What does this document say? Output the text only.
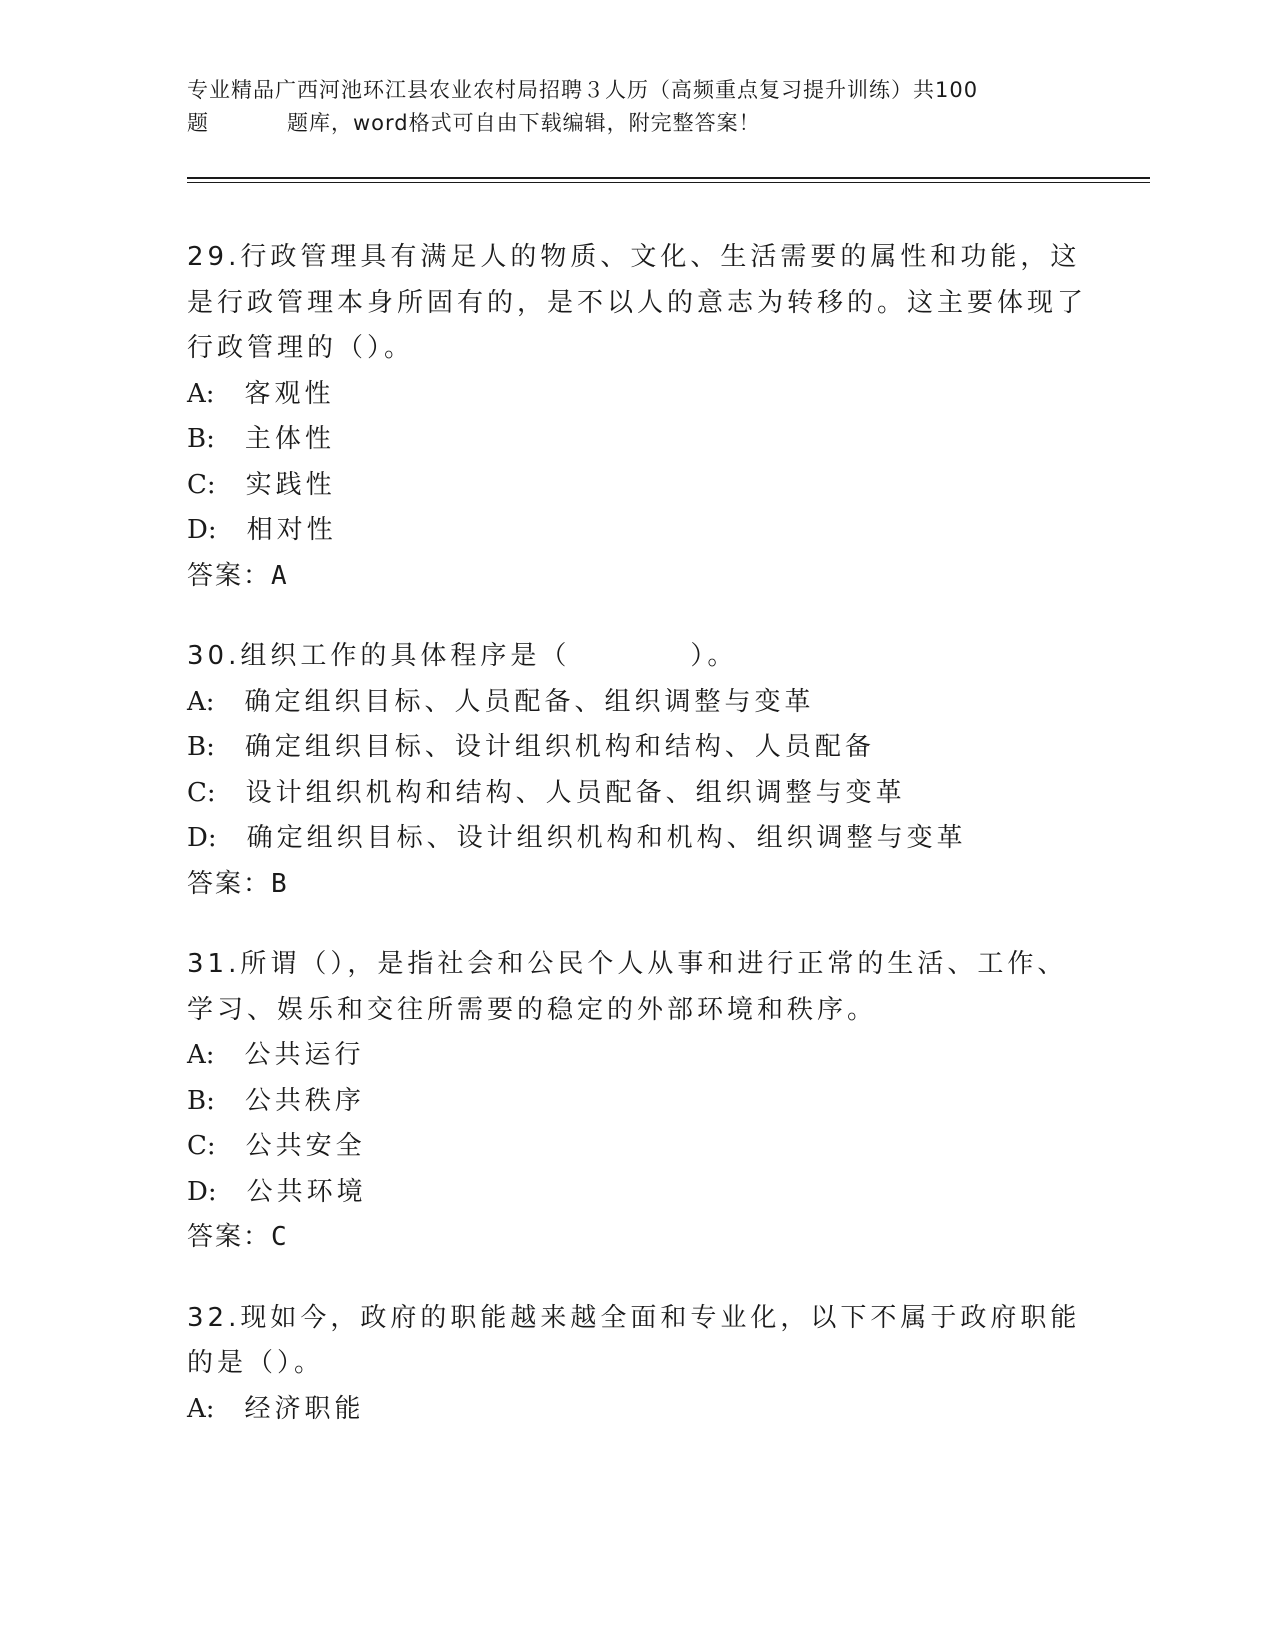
专业精品广西河池环江县农业农村局招聘３人历（高频重点复习提升训练）共100
题	题库，word格式可自由下载编辑，附完整答案！

29.行政管理具有满足人的物质、文化、生活需要的属性和功能，这是行政管理本身所固有的，是不以人的意志为转移的。这主要体现了行政管理的（）。

A: 客观性

B: 主体性

C: 实践性

D: 相对性

答案：A

30.组织工作的具体程序是（	）。

A: 确定组织目标、人员配备、组织调整与变革

B: 确定组织目标、设计组织机构和结构、人员配备

C: 设计组织机构和结构、人员配备、组织调整与变革

D: 确定组织目标、设计组织机构和机构、组织调整与变革

答案：B

31.所谓（），是指社会和公民个人从事和进行正常的生活、工作、学习、娱乐和交往所需要的稳定的外部环境和秩序。

A: 公共运行

B: 公共秩序

C: 公共安全

D: 公共环境

答案：C

32.现如今，政府的职能越来越全面和专业化，以下不属于政府职能的是（）。

A: 经济职能
